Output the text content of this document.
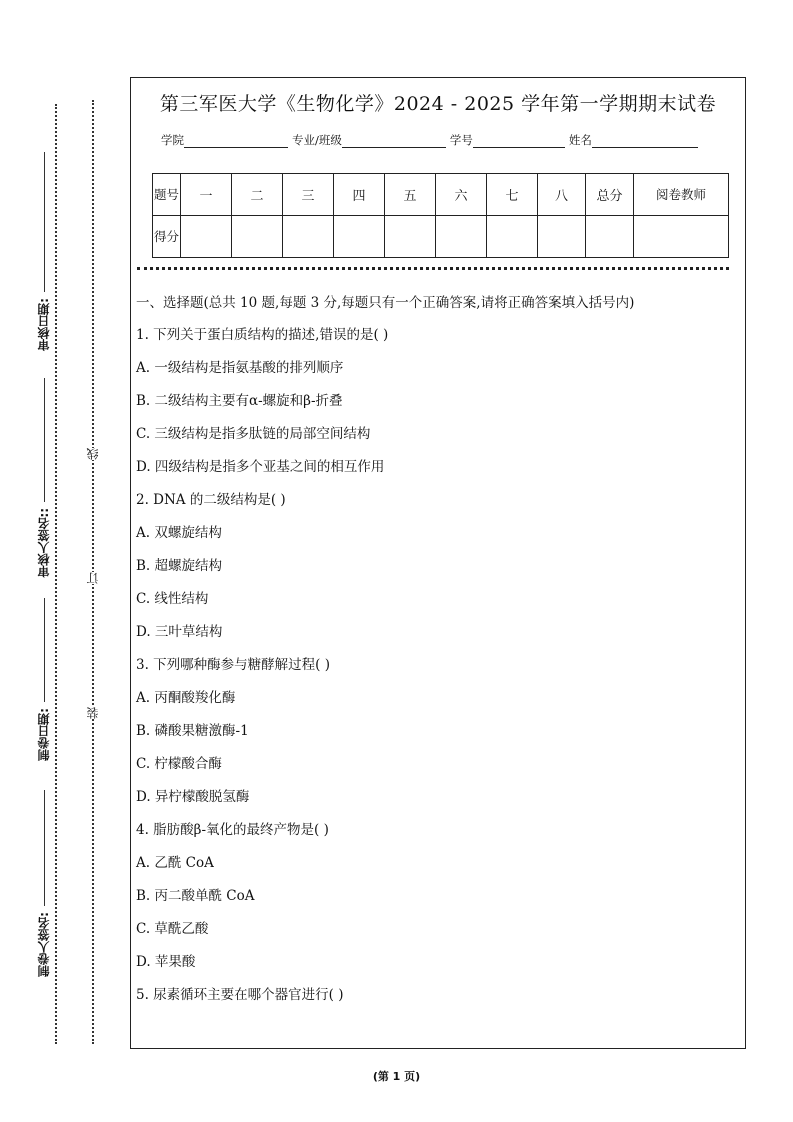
审核日期:
审核人签名::
制卷日期:
制卷人签名:
线
订
装
第三军医大学《生物化学》2024 - 2025 学年第一学期期末试卷
学院	专业/班级	学号	姓名
题号	一	二	三	四	五	六	七	八	总分	阅卷教师
得分										
一、选择题(总共 10 题,每题 3 分,每题只有一个正确答案,请将正确答案填入括号内)
1. 下列关于蛋白质结构的描述,错误的是( )
A. 一级结构是指氨基酸的排列顺序
B. 二级结构主要有α-螺旋和β-折叠
C. 三级结构是指多肽链的局部空间结构
D. 四级结构是指多个亚基之间的相互作用
2. DNA 的二级结构是( )
A. 双螺旋结构
B. 超螺旋结构
C. 线性结构
D. 三叶草结构
3. 下列哪种酶参与糖酵解过程( )
A. 丙酮酸羧化酶
B. 磷酸果糖激酶-1
C. 柠檬酸合酶
D. 异柠檬酸脱氢酶
4. 脂肪酸β-氧化的最终产物是( )
A. 乙酰 CoA
B. 丙二酸单酰 CoA
C. 草酰乙酸
D. 苹果酸
5. 尿素循环主要在哪个器官进行( )
(第 1 页)
